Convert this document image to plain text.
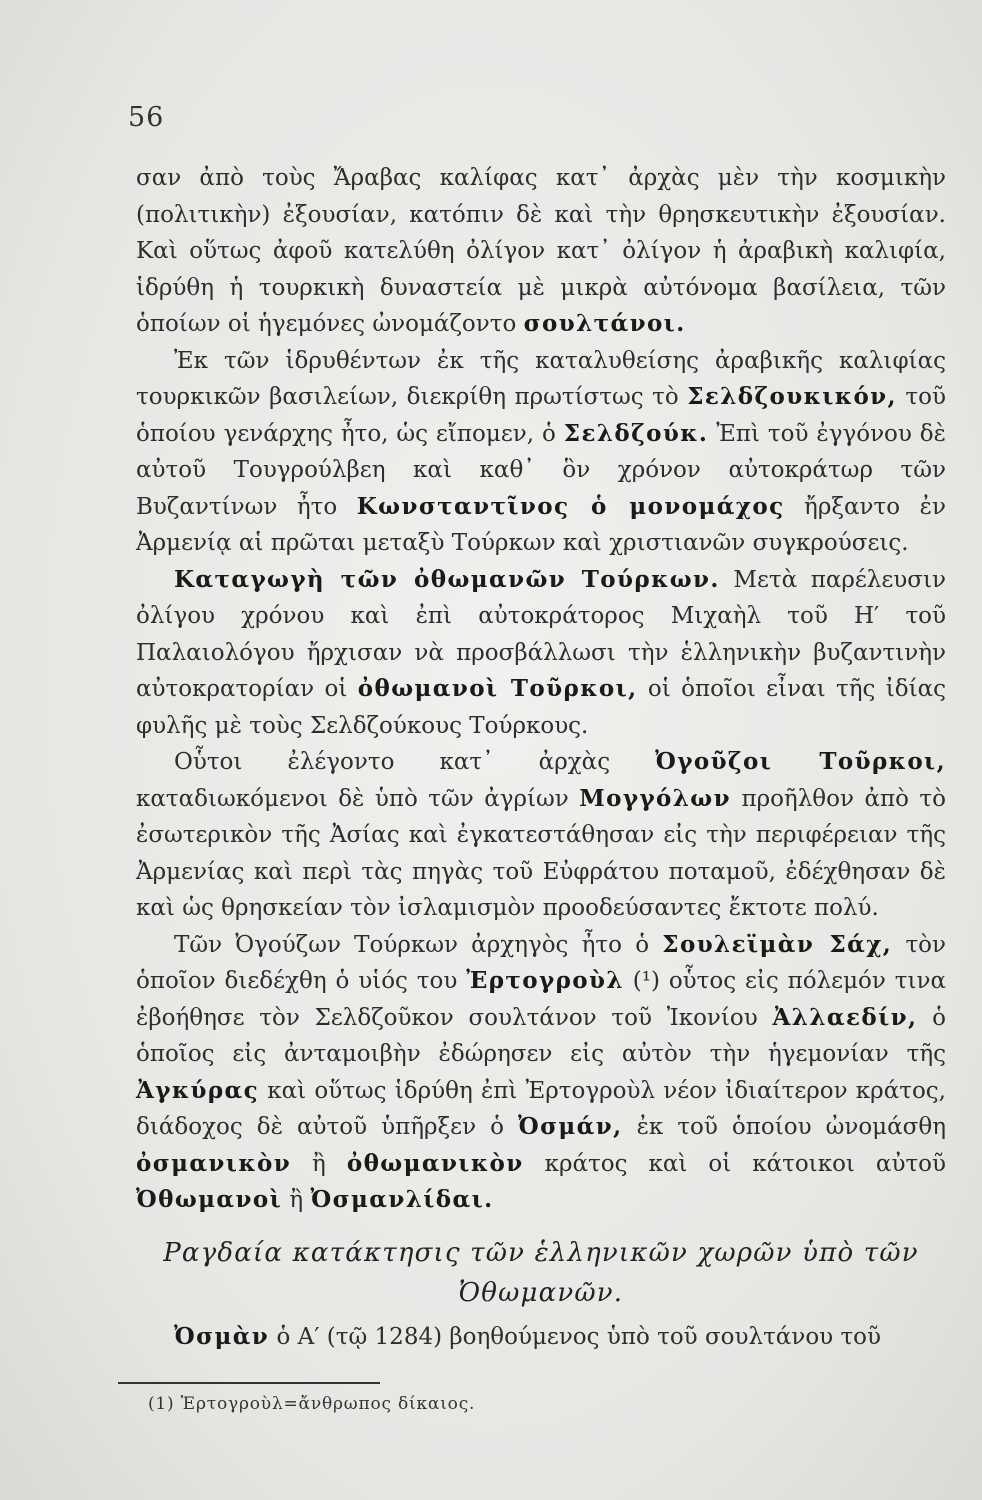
56

σαν ἀπὸ τοὺς Ἄραβας καλίφας κατ᾿ ἀρχὰς μὲν τὴν κοσμικὴν (πολιτικὴν) ἐξουσίαν, κατόπιν δὲ καὶ τὴν θρησκευτικὴν ἐξουσίαν. Καὶ οὕτως ἀφοῦ κατελύθη ὀλίγον κατ᾿ ὀλίγον ἡ ἀραβικὴ καλιφία, ἱδρύθη ἡ τουρκικὴ δυναστεία μὲ μικρὰ αὐτόνομα βασίλεια, τῶν ὁποίων οἱ ἡγεμόνες ὠνομάζοντο σουλτάνοι.

Ἐκ τῶν ἱδρυθέντων ἐκ τῆς καταλυθείσης ἀραβικῆς καλιφίας τουρκικῶν βασιλείων, διεκρίθη πρωτίστως τὸ Σελδζουκικόν, τοῦ ὁποίου γενάρχης ἦτο, ὡς εἴπομεν, ὁ Σελδζούκ. Ἐπὶ τοῦ ἐγγόνου δὲ αὐτοῦ Τουγρούλβεη καὶ καθ᾿ ὃν χρόνον αὐτοκράτωρ τῶν Βυζαντίνων ἦτο Κωνσταντῖνος ὁ μονομάχος ἤρξαντο ἐν Ἀρμενίᾳ αἱ πρῶται μεταξὺ Τούρκων καὶ χριστιανῶν συγκρούσεις.

Καταγωγὴ τῶν ὀθωμανῶν Τούρκων. Μετὰ παρέλευσιν ὀλίγου χρόνου καὶ ἐπὶ αὐτοκράτορος Μιχαὴλ τοῦ Η′ τοῦ Παλαιολόγου ἤρχισαν νὰ προσβάλλωσι τὴν ἑλληνικὴν βυζαντινὴν αὐτοκρατορίαν οἱ ὀθωμανοὶ Τοῦρκοι, οἱ ὁποῖοι εἶναι τῆς ἰδίας φυλῆς μὲ τοὺς Σελδζούκους Τούρκους.

Οὗτοι ἐλέγοντο κατ᾿ ἀρχὰς Ὀγοῦζοι Τοῦρκοι, καταδιωκόμενοι δὲ ὑπὸ τῶν ἀγρίων Μογγόλων προῆλθον ἀπὸ τὸ ἐσωτερικὸν τῆς Ἀσίας καὶ ἐγκατεστάθησαν εἰς τὴν περιφέρειαν τῆς Ἀρμενίας καὶ περὶ τὰς πηγὰς τοῦ Εὐφράτου ποταμοῦ, ἐδέχθησαν δὲ καὶ ὡς θρησκείαν τὸν ἰσλαμισμὸν προοδεύσαντες ἔκτοτε πολύ.

Τῶν Ὀγούζων Τούρκων ἀρχηγὸς ἦτο ὁ Σουλεϊμὰν Σάχ, τὸν ὁποῖον διεδέχθη ὁ υἱός του Ἐρτογροὺλ (¹) οὗτος εἰς πόλεμόν τινα ἐβοήθησε τὸν Σελδζοῦκον σουλτάνον τοῦ Ἰκονίου Ἀλλαεδίν, ὁ ὁποῖος εἰς ἀνταμοιβὴν ἐδώρησεν εἰς αὐτὸν τὴν ἡγεμονίαν τῆς Ἀγκύρας καὶ οὕτως ἱδρύθη ἐπὶ Ἐρτογροὺλ νέον ἰδιαίτερον κράτος, διάδοχος δὲ αὐτοῦ ὑπῆρξεν ὁ Ὀσμάν, ἐκ τοῦ ὁποίου ὠνομάσθη ὀσμανικὸν ἢ ὀθωμανικὸν κράτος καὶ οἱ κάτοικοι αὐτοῦ Ὀθωμανοὶ ἢ Ὀσμανλίδαι.

Ραγδαία κατάκτησις τῶν ἑλληνικῶν χωρῶν ὑπὸ τῶν Ὀθωμανῶν.

Ὀσμὰν ὁ Α′ (τῷ 1284) βοηθούμενος ὑπὸ τοῦ σουλτάνου τοῦ

(1) Ἐρτογροὺλ=ἄνθρωπος δίκαιος.
